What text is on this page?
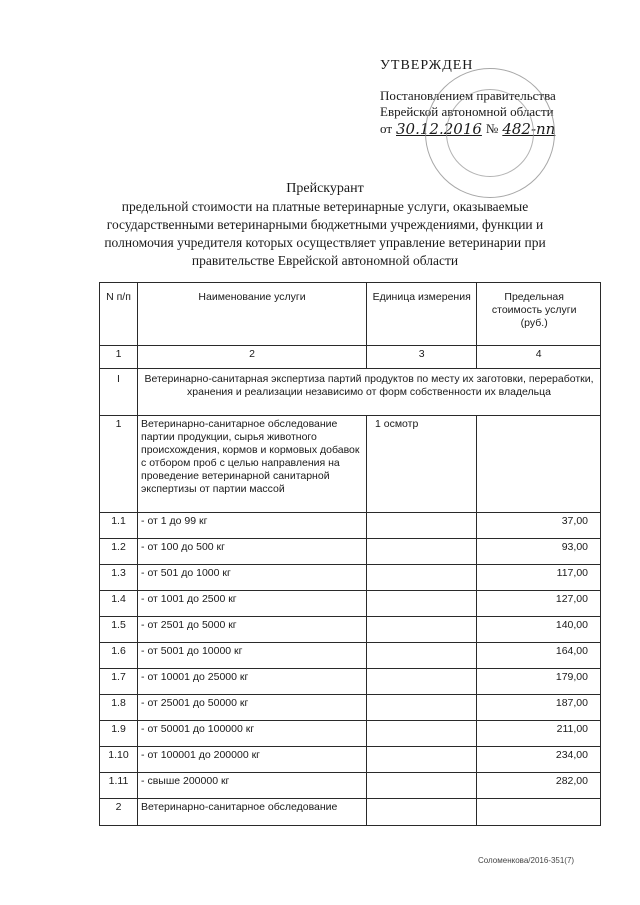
УТВЕРЖДЕН
Постановлением правительства
Еврейской автономной области
от 30.12.2016 № 482-пп
Прейскурант
предельной стоимости на платные ветеринарные услуги, оказываемые
государственными ветеринарными бюджетными учреждениями, функции и
полномочия учредителя которых осуществляет управление ветеринарии при
правительстве Еврейской автономной области
N п/п	Наименование услуги	Единица измерения	Предельная стоимость услуги (руб.)
1	2	3	4
I	Ветеринарно-санитарная экспертиза партий продуктов по месту их заготовки, переработки, хранения и реализации независимо от форм собственности их владельца		
1	Ветеринарно-санитарное обследование партии продукции, сырья животного происхождения, кормов и кормовых добавок с отбором проб с целью направления на проведение ветеринарной санитарной экспертизы от партии массой	1 осмотр	
1.1	- от 1 до 99 кг		37,00
1.2	- от 100 до 500 кг		93,00
1.3	- от 501 до 1000 кг		117,00
1.4	- от 1001 до 2500 кг		127,00
1.5	- от 2501 до 5000 кг		140,00
1.6	- от 5001 до 10000 кг		164,00
1.7	- от 10001 до 25000 кг		179,00
1.8	- от 25001 до 50000 кг		187,00
1.9	- от 50001 до 100000 кг		211,00
1.10	- от 100001 до 200000 кг		234,00
1.11	- свыше 200000 кг		282,00
2	Ветеринарно-санитарное обследование		
Соломенкова/2016-351(7)
